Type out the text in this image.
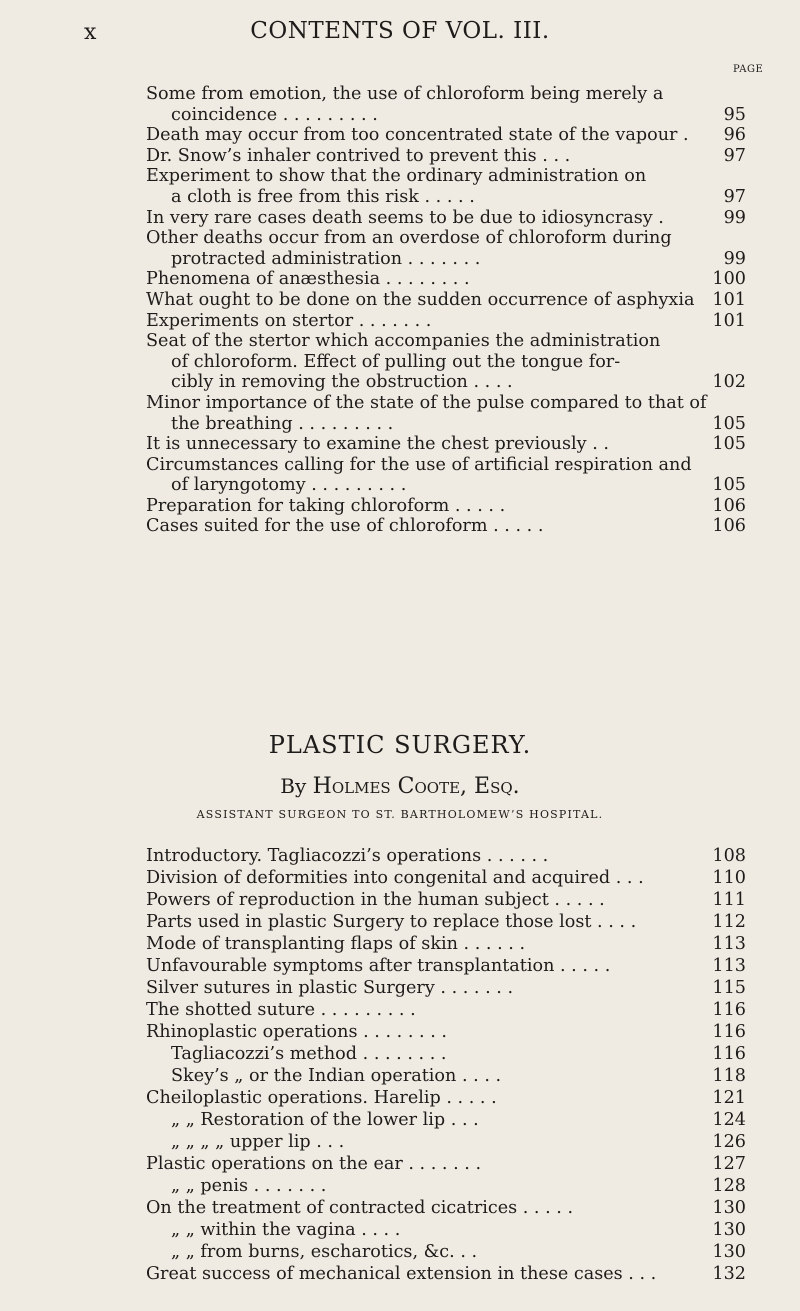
x	CONTENTS OF VOL. III.
PAGE
Some from emotion, the use of chloroform being merely a
coincidence . . . . . . . . .	95
Death may occur from too concentrated state of the vapour .	96
Dr. Snow’s inhaler contrived to prevent this . . .	97
Experiment to show that the ordinary administration on
a cloth is free from this risk . . . . .	97
In very rare cases death seems to be due to idiosyncrasy .	99
Other deaths occur from an overdose of chloroform during
protracted administration . . . . . . .	99
Phenomena of anæsthesia . . . . . . . .	100
What ought to be done on the sudden occurrence of asphyxia	101
Experiments on stertor . . . . . . .	101
Seat of the stertor which accompanies the administration
of chloroform. Effect of pulling out the tongue for-
cibly in removing the obstruction . . . .	102
Minor importance of the state of the pulse compared to that of
the breathing . . . . . . . . .	105
It is unnecessary to examine the chest previously . .	105
Circumstances calling for the use of artificial respiration and
of laryngotomy . . . . . . . . .	105
Preparation for taking chloroform . . . . .	106
Cases suited for the use of chloroform . . . . .	106
PLASTIC SURGERY.
By Holmes Coote, Esq.
ASSISTANT SURGEON TO ST. BARTHOLOMEW’S HOSPITAL.
Introductory. Tagliacozzi’s operations . . . . . .	108
Division of deformities into congenital and acquired . . .	110
Powers of reproduction in the human subject . . . . .	111
Parts used in plastic Surgery to replace those lost . . . .	112
Mode of transplanting flaps of skin . . . . . .	113
Unfavourable symptoms after transplantation . . . . .	113
Silver sutures in plastic Surgery . . . . . . .	115
The shotted suture . . . . . . . . .	116
Rhinoplastic operations . . . . . . . .	116
Tagliacozzi’s method . . . . . . . .	116
Skey’s „ or the Indian operation . . . .	118
Cheiloplastic operations. Harelip . . . . .	121
„ „ Restoration of the lower lip . . .	124
„ „ „ „ upper lip . . .	126
Plastic operations on the ear . . . . . . .	127
„ „ penis . . . . . . .	128
On the treatment of contracted cicatrices . . . . .	130
„ „ within the vagina . . . .	130
„ „ from burns, escharotics, &c. . .	130
Great success of mechanical extension in these cases . . .	132
